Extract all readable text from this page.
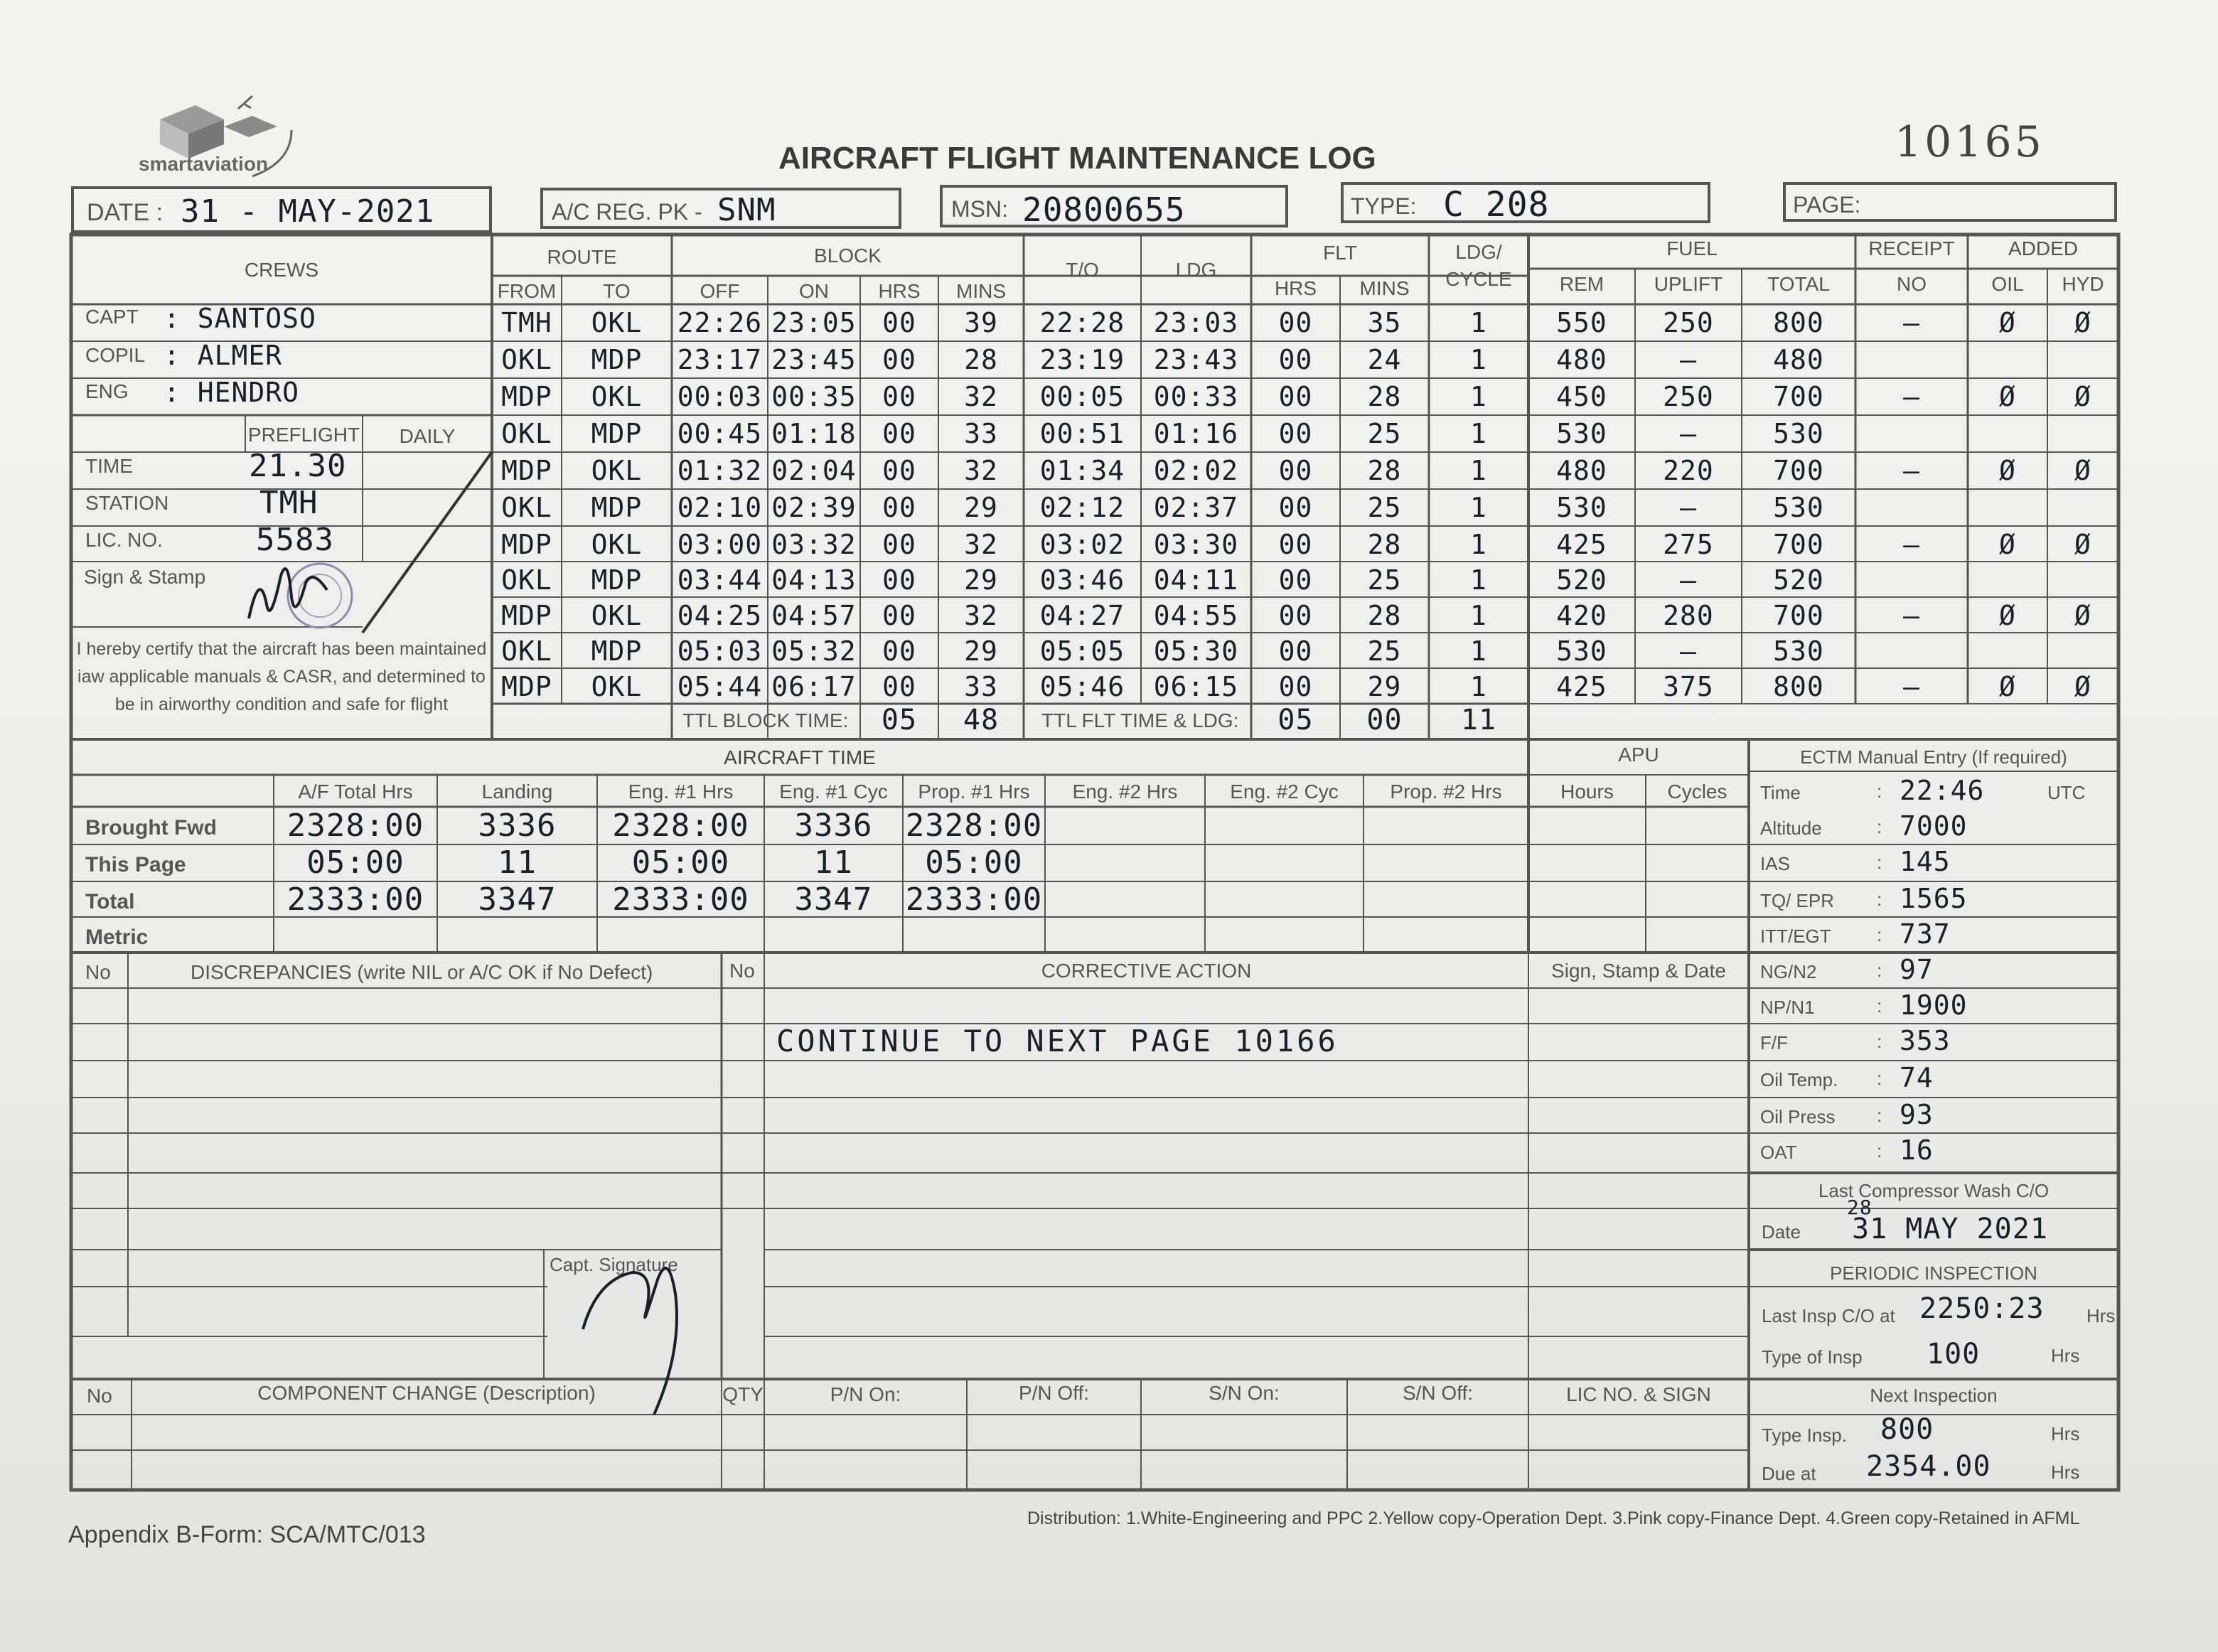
smartaviation	AIRCRAFT FLIGHT MAINTENANCE LOG	10165
DATE : 31 - MAY-2021	A/C REG. PK - SNM	MSN: 20800655	TYPE: C 208	PAGE:
CREWS
CAPT : SANTOSO
COPIL : ALMER
ENG : HENDRO
PREFLIGHT	DAILY
TIME	21.30
STATION	TMH
LIC. NO.	5583
Sign & Stamp
I hereby certify that the aircraft has been maintained iaw applicable manuals & CASR, and determined to be in airworthy condition and safe for flight
ROUTE
FROM	TO
BLOCK
OFF	ON	HRS	MINS
T/O	LDG
FLT
HRS	MINS
LDG/ CYCLE
FUEL
REM	UPLIFT	TOTAL
RECEIPT
NO
ADDED
OIL	HYD
TMH	OKL	22:26 23:05 00	39	22:28	23:03	00	35	1	550	250	800	–	Ø	Ø
OKL	MDP	23:17 23:45 00	28	23:19	23:43	00	24	1	480	–	480
MDP	OKL	00:03 00:35 00	32	00:05	00:33	00	28	1	450	250	700	–	Ø	Ø
OKL	MDP	00:45 01:18 00	33	00:51	01:16	00	25	1	530	–	530
MDP	OKL	01:32 02:04 00	32	01:34	02:02	00	28	1	480	220	700	–	Ø	Ø
OKL	MDP	02:10 02:39 00	29	02:12	02:37	00	25	1	530	–	530
MDP	OKL	03:00 03:32 00	32	03:02	03:30	00	28	1	425	275	700	–	Ø	Ø
OKL	MDP	03:44 04:13 00	29	03:46	04:11	00	25	1	520	–	520
MDP	OKL	04:25 04:57 00	32	04:27	04:55	00	28	1	420	280	700	–	Ø	Ø
OKL	MDP	05:03 05:32 00	29	05:05	05:30	00	25	1	530	–	530
MDP	OKL	05:44 06:17 00	33	05:46	06:15	00	29	1	425	375	800	–	Ø	Ø
TTL BLOCK TIME:	05	48	TTL FLT TIME & LDG:	05	00	11
AIRCRAFT TIME
A/F Total Hrs	Landing	Eng. #1 Hrs	Eng. #1 Cyc	Prop. #1 Hrs	Eng. #2 Hrs	Eng. #2 Cyc	Prop. #2 Hrs
Brought Fwd	2328:00	3336	2328:00	3336	2328:00
This Page	05:00	11	05:00	11	05:00
Total	2333:00	3347	2333:00	3347	2333:00
Metric
APU
Hours	Cycles
ECTM Manual Entry (If required)
Time	: 22:46	UTC
Altitude	: 7000
IAS	: 145
TQ/ EPR : 1565
ITT/EGT : 737
NG/N2	: 97
NP/N1	: 1900
F/F	: 353
Oil Temp. : 74
Oil Press : 93
OAT	: 16
Last Compressor Wash C/O
Date
28
31 MAY 2021
PERIODIC INSPECTION
Last Insp C/O at 2250:23 Hrs
Type of Insp 100	Hrs
Next Inspection
Type Insp. 800	Hrs
Due at 2354.00	Hrs
No	DISCREPANCIES (write NIL or A/C OK if No Defect)	No	CORRECTIVE ACTION	Sign, Stamp & Date
CONTINUE TO NEXT PAGE 10166
Capt. Signature
No	COMPONENT CHANGE (Description)	QTY	P/N On:	P/N Off:	S/N On:	S/N Off:	LIC NO. & SIGN
Appendix B-Form: SCA/MTC/013
Distribution: 1.White-Engineering and PPC 2.Yellow copy-Operation Dept. 3.Pink copy-Finance Dept. 4.Green copy-Retained in AFML
